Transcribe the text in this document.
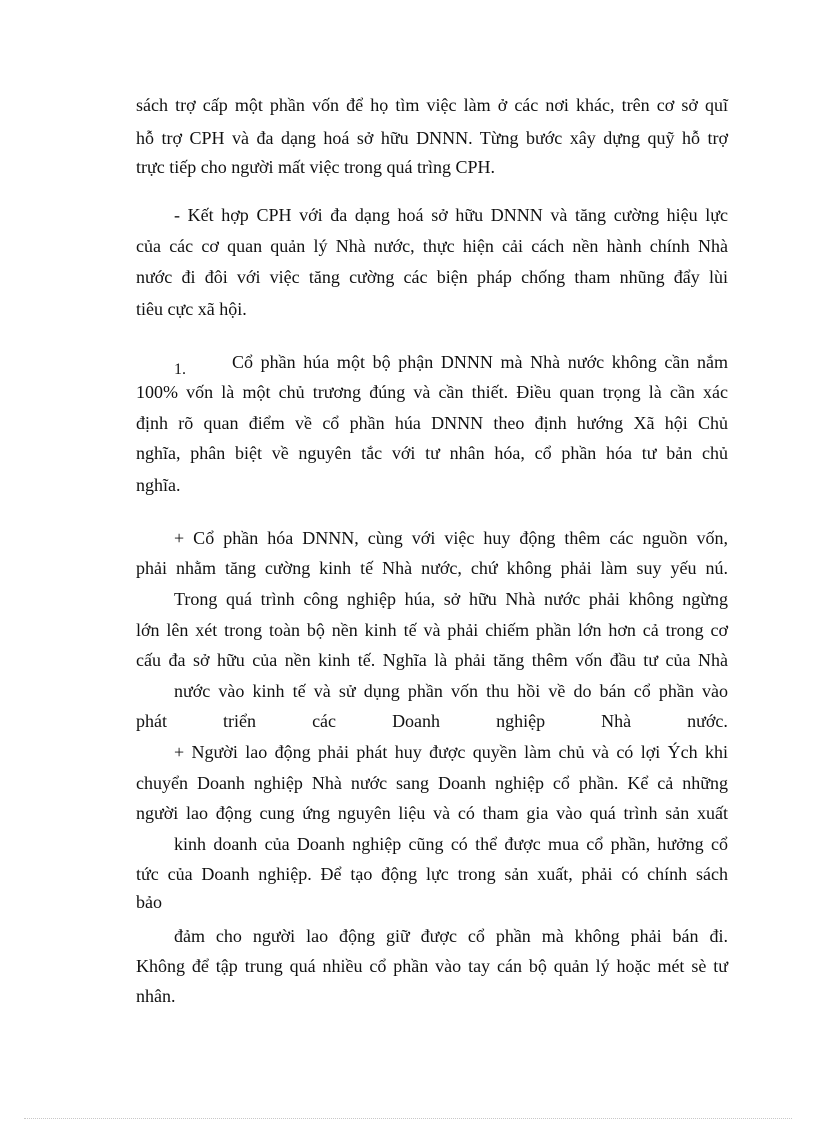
sách trợ cấp một phần vốn để họ tìm việc làm ở các nơi khác, trên cơ sở quĩ

hỗ trợ CPH và đa dạng hoá sở hữu DNNN. Từng bước xây dựng quỹ hỗ trợ

trực tiếp cho người mất việc trong quá trìng CPH.

- Kết hợp CPH với đa dạng hoá sở hữu DNNN và tăng cường hiệu lực

của các cơ quan quản lý Nhà nước, thực hiện cải cách nền hành chính Nhà

nước đi đôi với việc tăng cường các biện pháp chống tham nhũng đẩy lùi

tiêu cực xã hội.

1.	Cổ phần húa một bộ phận DNNN mà Nhà nước không cần nắm

100% vốn là một chủ trương đúng và cần thiết. Điều quan trọng là cần xác

định rõ quan điểm về cổ phần húa DNNN theo định hướng Xã hội Chủ

nghĩa, phân biệt về nguyên tắc với tư nhân hóa, cổ phần hóa tư bản chủ

nghĩa.

+ Cổ phần hóa DNNN, cùng với việc huy động thêm các nguồn vốn,

phải nhằm tăng cường kinh tế Nhà nước, chứ không phải làm suy yếu nú.

Trong quá trình công nghiệp húa, sở hữu Nhà nước phải không ngừng

lớn lên xét trong toàn bộ nền kinh tế và phải chiếm phần lớn hơn cả trong cơ

cấu đa sở hữu của nền kinh tế. Nghĩa là phải tăng thêm vốn đầu tư của Nhà

nước vào kinh tế và sử dụng phần vốn thu hồi về do bán cổ phần vào

phát	triển	các	Doanh	nghiệp	Nhà	nước.

+ Người lao động phải phát huy được quyền làm chủ và có lợi Ých khi

chuyển Doanh nghiệp Nhà nước sang Doanh nghiệp cổ phần. Kể cả những

người lao động cung ứng nguyên liệu và có tham gia vào quá trình sản xuất

kinh doanh của Doanh nghiệp cũng có thể được mua cổ phần, hưởng cổ

tức của Doanh nghiệp. Để tạo động lực trong sản xuất, phải có chính sách

bảo

đảm cho người lao động giữ được cổ phần mà không phải bán đi.

Không để tập trung quá nhiều cổ phần vào tay cán bộ quản lý hoặc mét sè tư

nhân.
